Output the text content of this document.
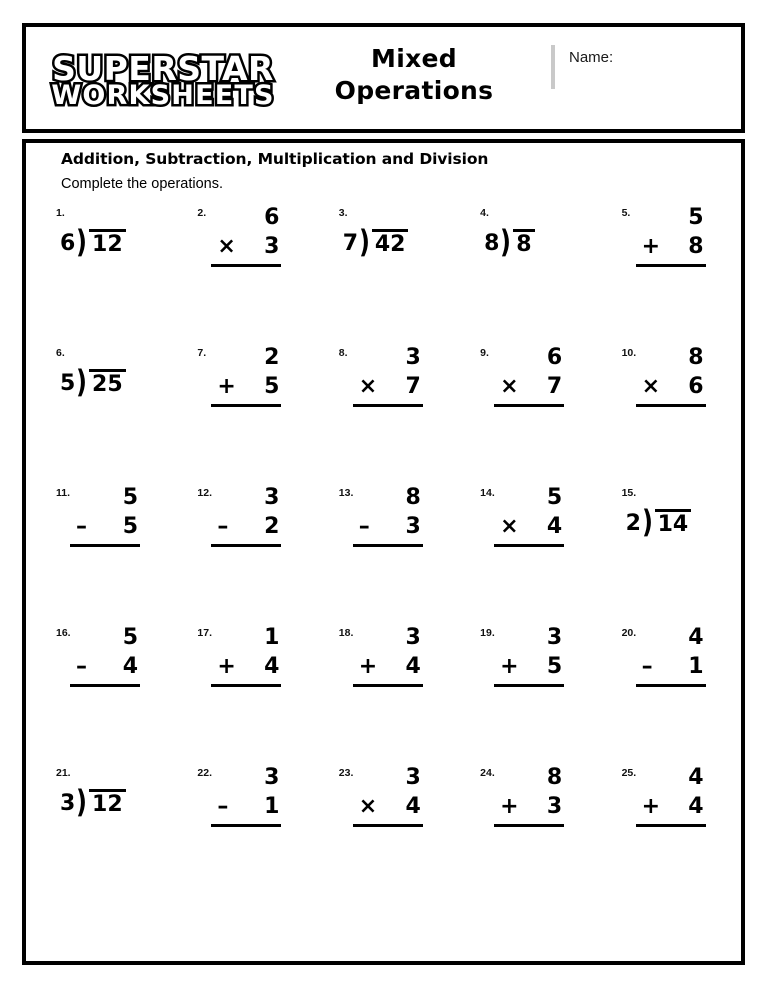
SUPERSTAR
WORKSHEETS
Mixed
Operations
Name:
Addition, Subtraction, Multiplication and Division
Complete the operations.
1.
6 ) 12
2.	6
× 3
3.
7 ) 42
4.
8 ) 8
5.	5
+ 8
6.
5 ) 25
7.	2
+ 5
8.	3
× 7
9.	6
× 7
10.	8
× 6
11.	5
– 5
12.	3
– 2
13.	8
– 3
14.	5
× 4
15.
2 ) 14
16.	5
– 4
17.	1
+ 4
18.	3
+ 4
19.	3
+ 5
20.	4
– 1
21.
3 ) 12
22.	3
– 1
23.	3
× 4
24.	8
+ 3
25.	4
+ 4
